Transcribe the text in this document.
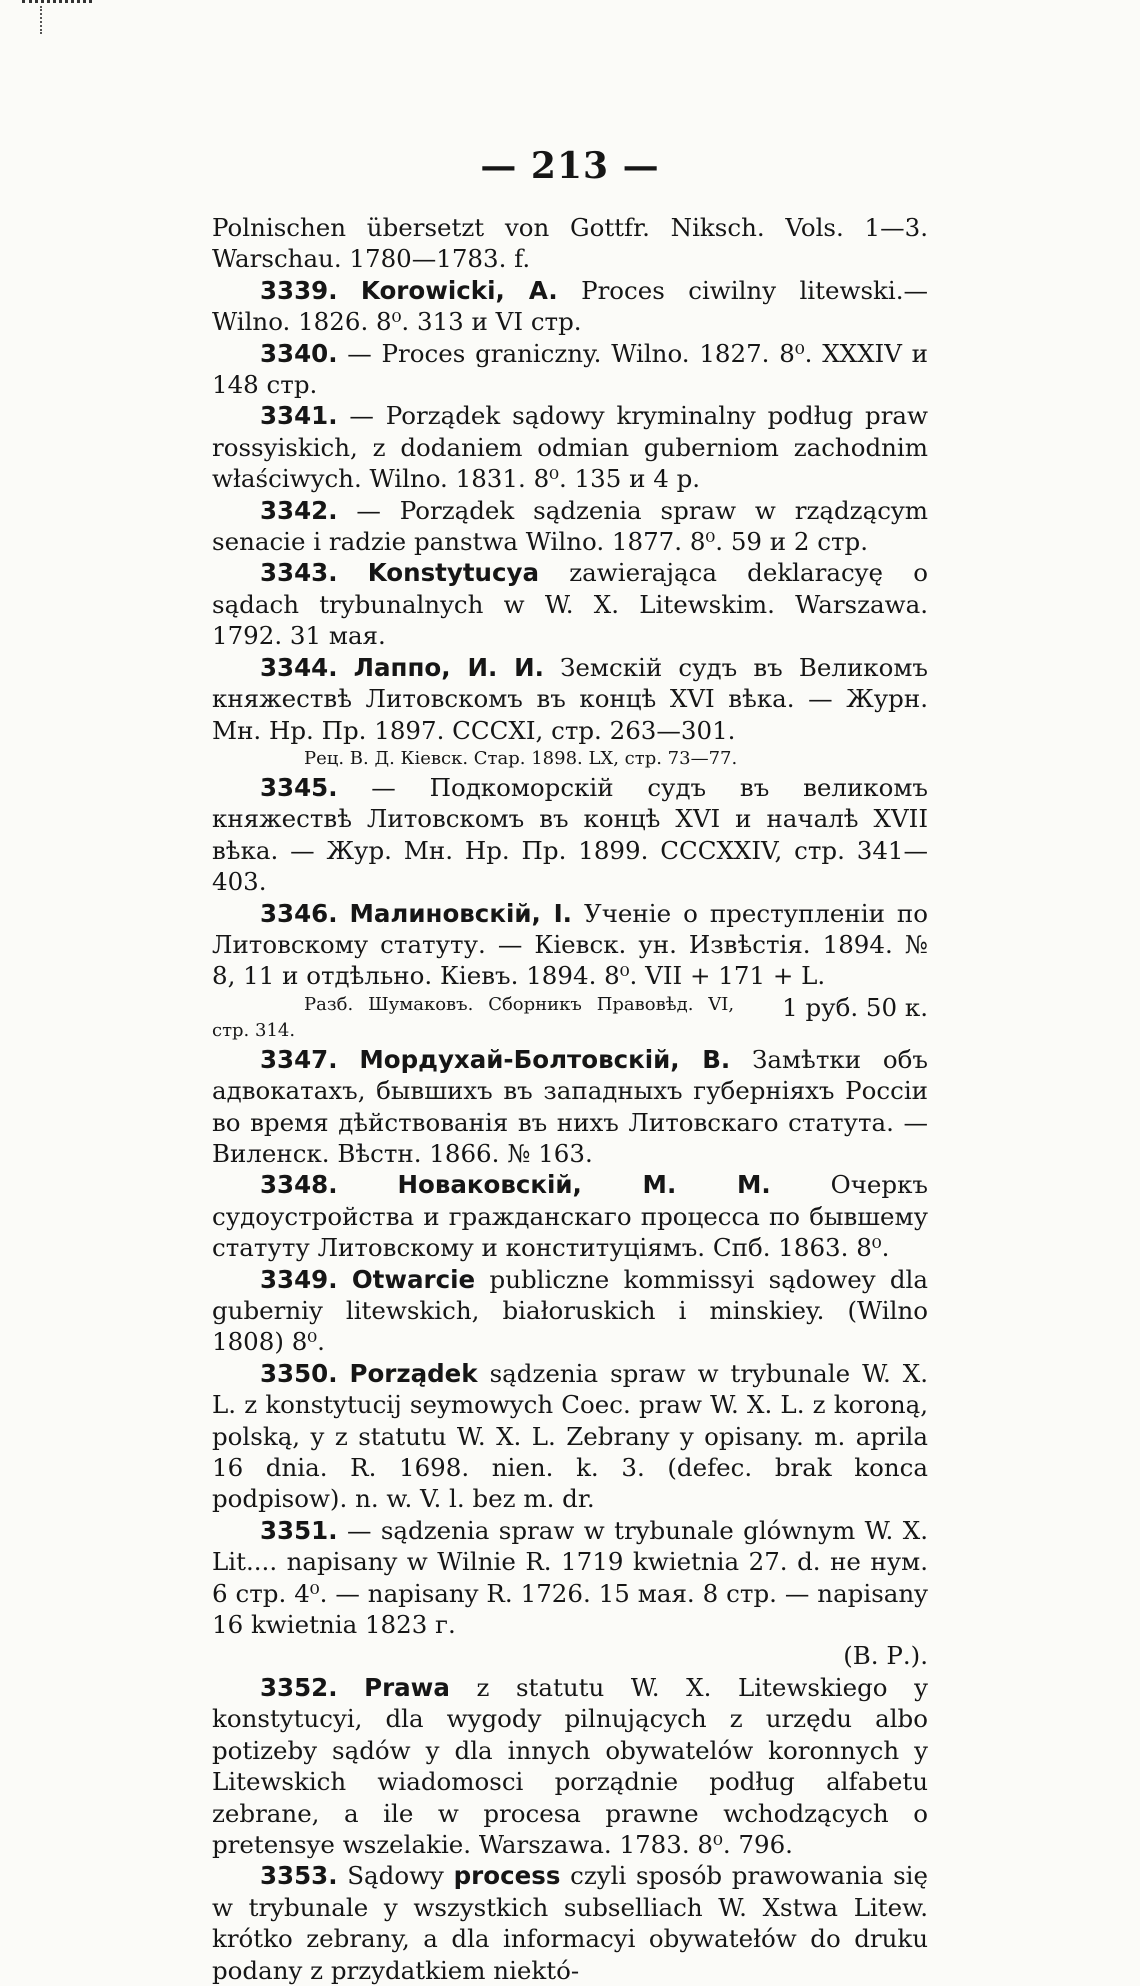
— 213 —

Polnischen übersetzt von Gottfr. Niksch. Vols. 1—3. Warschau. 1780—1783. f.

3339. Korowicki, A. Proces ciwilny litewski.—Wilno. 1826. 8⁰. 313 и VI стр.

3340. — Proces graniczny. Wilno. 1827. 8⁰. XXXIV и 148 стр.

3341. — Porządek sądowy kryminalny podług praw rossyiskich, z dodaniem odmian guberniom zachodnim właściwych. Wilno. 1831. 8⁰. 135 и 4 р.

3342. — Porządek sądzenia spraw w rządzącym senacie i radzie panstwa Wilno. 1877. 8⁰. 59 и 2 стр.

3343. Konstytucya zawierająca deklaracyę o sądach trybunalnych w W. X. Litewskim. Warszawa. 1792. 31 мая.

3344. Лаппо, И. И. Земскій судъ въ Великомъ княжествѣ Литовскомъ въ концѣ XVI вѣка. — Журн. Мн. Нр. Пр. 1897. CCCXI, стр. 263—301.

Рец. В. Д. Кіевск. Стар. 1898. LX, стр. 73—77.

3345. — Подкоморскій судъ въ великомъ княжествѣ Литовскомъ въ концѣ XVI и началѣ XVII вѣка. — Жур. Мн. Нр. Пр. 1899. CCCXXIV, стр. 341—403.

3346. Малиновскій, I. Ученіе о преступленіи по Литовскому статуту. — Кіевск. ун. Извѣстія. 1894. № 8, 11 и отдѣльно. Кіевъ. 1894. 8⁰. VII + 171 + L.
1 руб. 50 к.

Разб. Шумаковъ. Сборникъ Правовѣд. VI, стр. 314.

3347. Мордухай-Болтовскій, В. Замѣтки объ адвокатахъ, бывшихъ въ западныхъ губерніяхъ Россіи во время дѣйствованія въ нихъ Литовскаго статута. — Виленск. Вѣстн. 1866. № 163.

3348. Новаковскій, М. М. Очеркъ судоустройства и гражданскаго процесса по бывшему статуту Литовскому и конституціямъ. Спб. 1863. 8⁰.

3349. Otwarcie publiczne kommissyi sądowey dla guberniy litewskich, białoruskich i minskiey. (Wilno 1808) 8⁰.

3350. Porządek sądzenia spraw w trybunale W. X. L. z konstytucij seymowych Coec. praw W. X. L. z koroną, polską, y z statutu W. X. L. Zebrany y opisany. m. aprila 16 dnia. R. 1698. nien. k. 3. (defec. brak konca podpisow). n. w. V. l. bez m. dr.

3351. — sądzenia spraw w trybunale glównym W. X. Lit.... napisany w Wilnie R. 1719 kwietnia 27. d. не нум. 6 стр. 4⁰. — napisany R. 1726. 15 мая. 8 стр. — napisany 16 kwietnia 1823 г.

(В. Р.).

3352. Prawa z statutu W. X. Litewskiego y konstytucyi, dla wygody pilnujących z urzędu albo potizeby sądów y dla innych obywatelów koronnych y Litewskich wiadomosci porządnie podług alfabetu zebrane, a ile w procesa prawne wchodzących o pretensye wszelakie. Warszawa. 1783. 8⁰. 796.

3353. Sądowy process czyli sposób prawowania się w trybunale y wszystkich subselliach W. Xstwa Litew. krótko zebrany, a dla informacyi obywatełów do druku podany z przydatkiem niektó-
